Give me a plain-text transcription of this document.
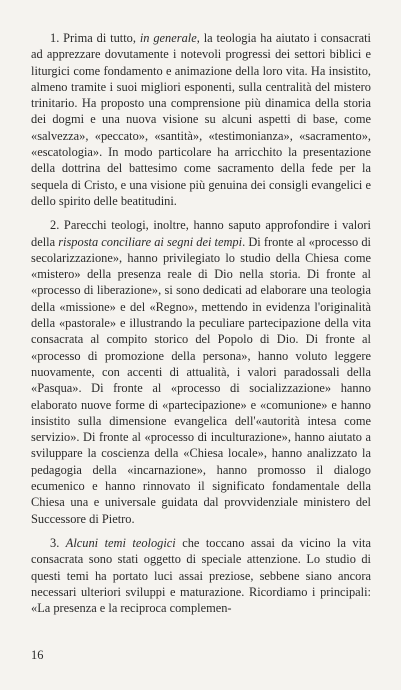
1. Prima di tutto, in generale, la teologia ha aiutato i consacrati ad apprezzare dovutamente i notevoli progressi dei settori biblici e liturgici come fondamento e animazione della loro vita. Ha insistito, almeno tramite i suoi migliori esponenti, sulla centralità del mistero trinitario. Ha proposto una comprensione più dinamica della storia dei dogmi e una nuova visione su alcuni aspetti di base, come «salvezza», «peccato», «santità», «testimonianza», «sacramento», «escatologia». In modo particolare ha arricchito la presentazione della dottrina del battesimo come sacramento della fede per la sequela di Cristo, e una visione più genuina dei consigli evangelici e dello spirito delle beatitudini.

2. Parecchi teologi, inoltre, hanno saputo approfondire i valori della risposta conciliare ai segni dei tempi. Di fronte al «processo di secolarizzazione», hanno privilegiato lo studio della Chiesa come «mistero» della presenza reale di Dio nella storia. Di fronte al «processo di liberazione», si sono dedicati ad elaborare una teologia della «missione» e del «Regno», mettendo in evidenza l'originalità della «pastorale» e illustrando la peculiare partecipazione della vita consacrata al compito storico del Popolo di Dio. Di fronte al «processo di promozione della persona», hanno voluto leggere nuovamente, con accenti di attualità, i valori paradossali della «Pasqua». Di fronte al «processo di socializzazione» hanno elaborato nuove forme di «partecipazione» e «comunione» e hanno insistito sulla dimensione evangelica dell'«autorità intesa come servizio». Di fronte al «processo di inculturazione», hanno aiutato a sviluppare la coscienza della «Chiesa locale», hanno analizzato la pedagogia della «incarnazione», hanno promosso il dialogo ecumenico e hanno rinnovato il significato fondamentale della Chiesa una e universale guidata dal provvidenziale ministero del Successore di Pietro.

3. Alcuni temi teologici che toccano assai da vicino la vita consacrata sono stati oggetto di speciale attenzione. Lo studio di questi temi ha portato luci assai preziose, sebbene siano ancora necessari ulteriori sviluppi e maturazione. Ricordiamo i principali: «La presenza e la reciproca complemen-

16
